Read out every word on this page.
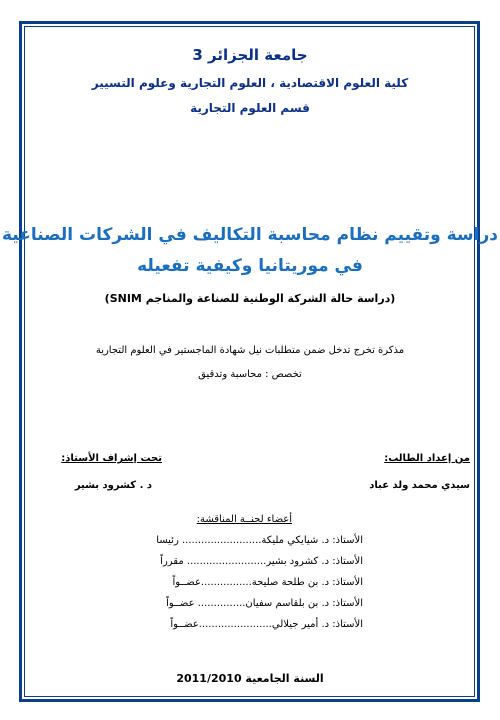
جامعة الجزائر 3
كلية العلوم الاقتصادية ، العلوم التجارية وعلوم التسيير
قسم العلوم التجارية
دراسة وتقييم نظام محاسبة التكاليف في الشركات الصناعية
في موريتانيا وكيفية تفعيله
(دراسة حالة الشركة الوطنية للصناعة والمناجم SNIM)
مذكرة تخرج تدخل ضمن متطلبات نيل شهادة الماجستير في العلوم التجارية
تخصص : محاسبة وتدقيق
من إعداد الطالب:
تحت إشراف الأستاذ:
سيدي محمد ولد عباد
د . كشرود بشير
أعضاء لجنــة المناقشة:
الأستاذ: د. شيايكي مليكة......................... رئيسا
الأستاذ: د. كشرود بشير......................... مقرراً
الأستاذ: د. بن طلحة صليحة................عضــواً
الأستاذ: د. بن بلقاسم سفيان............... عضــواً
الأستاذ: د. أمير جيلالي.......................عضــواً
السنة الجامعية 2011/2010
